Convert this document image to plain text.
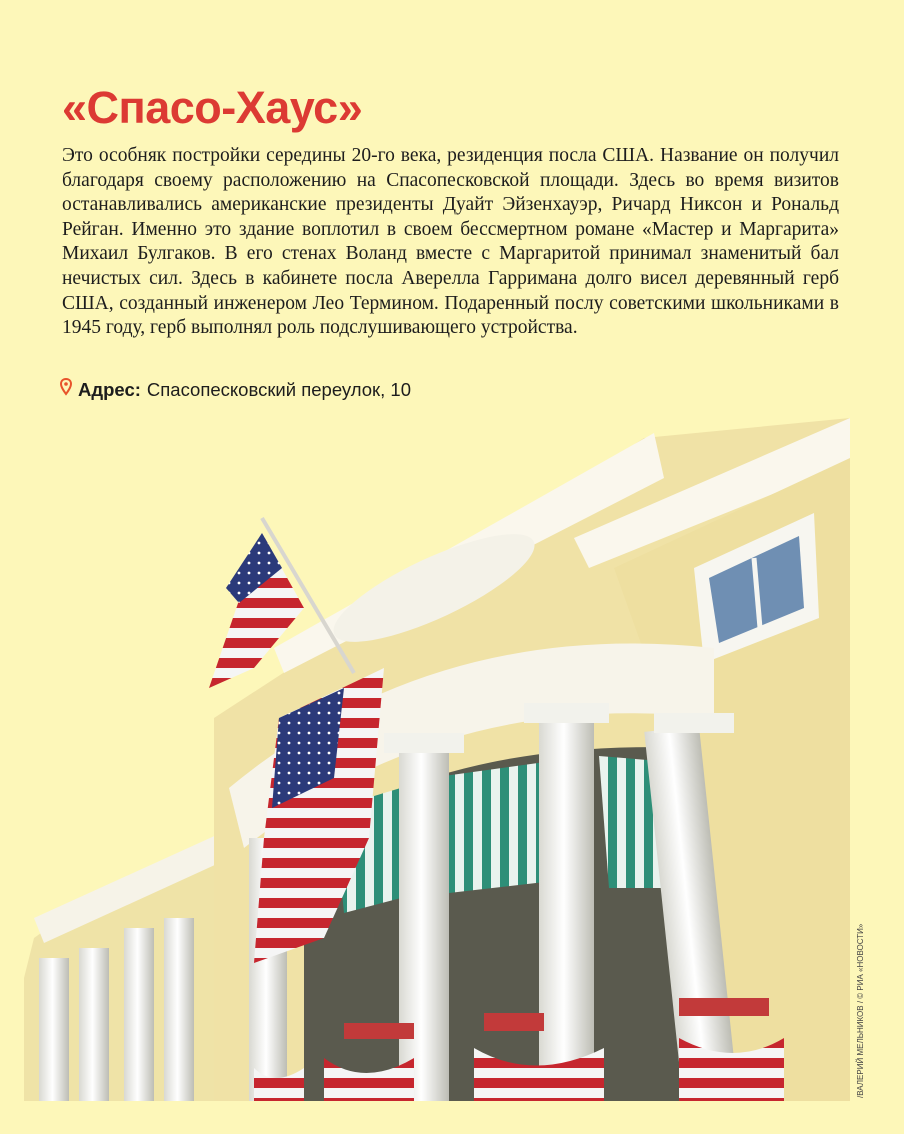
«Спасо-Хаус»

Это особняк постройки середины 20-го века, резиденция посла США. Название он получил благодаря своему расположению на Спасопесковской площади. Здесь во время визитов останавливались американские президенты Дуайт Эйзенхауэр, Ричард Никсон и Рональд Рейган. Именно это здание воплотил в своем бессмертном романе «Мастер и Маргарита» Михаил Булгаков. В его стенах Воланд вместе с Маргаритой принимал знаменитый бал нечистых сил. Здесь в кабинете посла Аверелла Гарримана долго висел деревянный герб США, созданный инженером Лео Термином. Подаренный послу советскими школьниками в 1945 году, герб выполнял роль подслушивающего устройства.

Адрес: Спасопесковский переулок, 10
/ВАЛЕРИЙ МЕЛЬНИКОВ / © РИА «НОВОСТИ»
